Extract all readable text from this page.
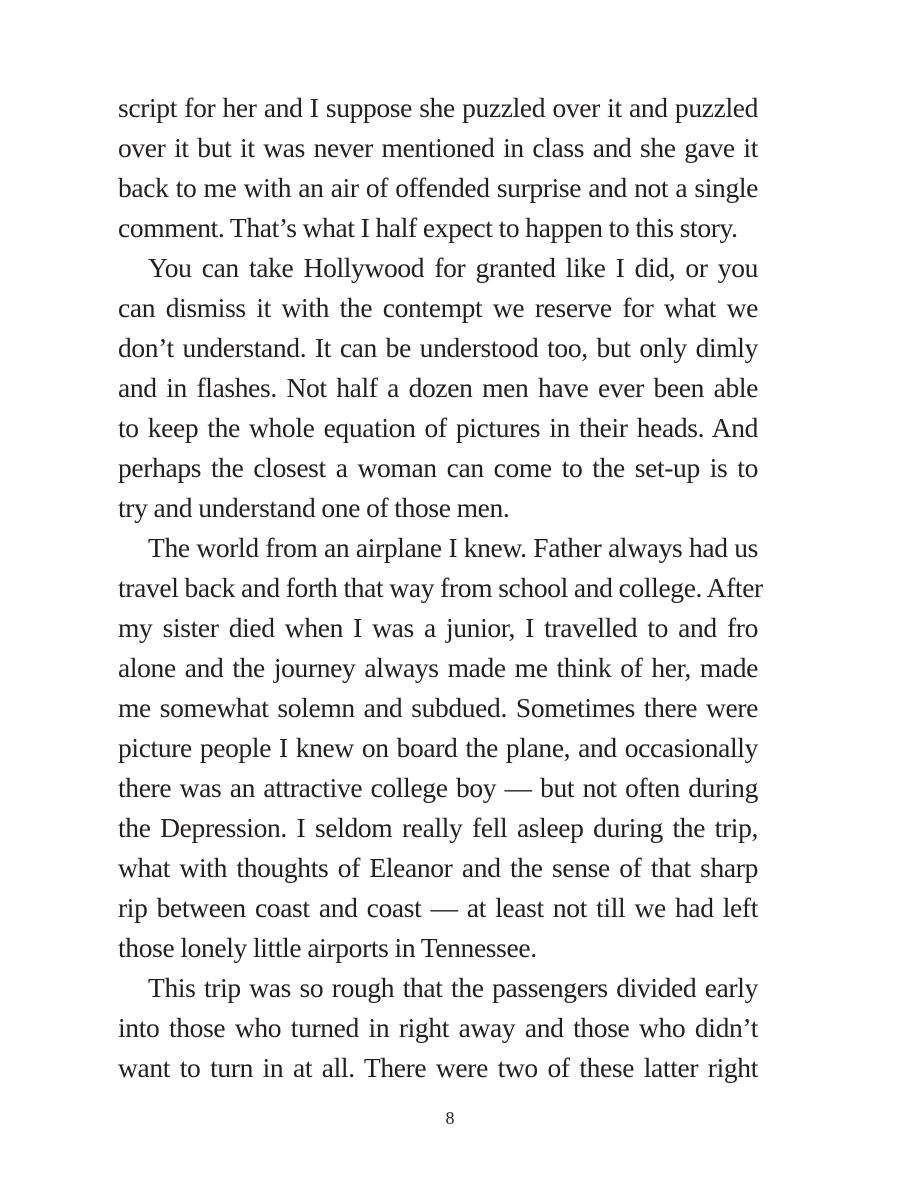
script for her and I suppose she puzzled over it and puzzled
over it but it was never mentioned in class and she gave it
back to me with an air of offended surprise and not a single
comment. That’s what I half expect to happen to this story.
You can take Hollywood for granted like I did, or you
can dismiss it with the contempt we reserve for what we
don’t understand. It can be understood too, but only dimly
and in flashes. Not half a dozen men have ever been able
to keep the whole equation of pictures in their heads. And
perhaps the closest a woman can come to the set-up is to
try and understand one of those men.
The world from an airplane I knew. Father always had us
travel back and forth that way from school and college. After
my sister died when I was a junior, I travelled to and fro
alone and the journey always made me think of her, made
me somewhat solemn and subdued. Sometimes there were
picture people I knew on board the plane, and occasionally
there was an attractive college boy — but not often during
the Depression. I seldom really fell asleep during the trip,
what with thoughts of Eleanor and the sense of that sharp
rip between coast and coast — at least not till we had left
those lonely little airports in Tennessee.
This trip was so rough that the passengers divided early
into those who turned in right away and those who didn’t
want to turn in at all. There were two of these latter right
8
